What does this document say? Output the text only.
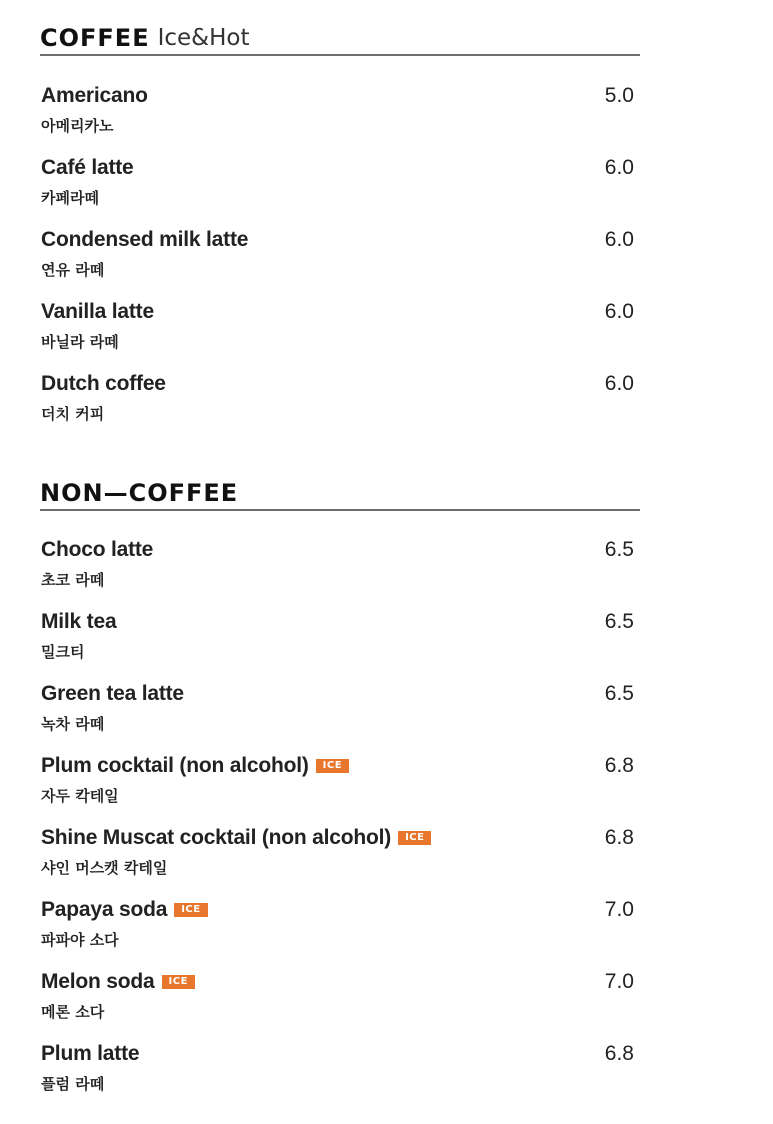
COFFEE Ice&Hot
Americano
아메리카노
5.0
Café latte
카페라떼
6.0
Condensed milk latte
연유 라떼
6.0
Vanilla latte
바닐라 라떼
6.0
Dutch coffee
더치 커피
6.0
NON—COFFEE
Choco latte
초코 라떼
6.5
Milk tea
밀크티
6.5
Green tea latte
녹차 라떼
6.5
Plum cocktail (non alcohol)	ICE
자두 칵테일
6.8
Shine Muscat cocktail (non alcohol)	ICE
샤인 머스캣 칵테일
6.8
Papaya soda	ICE
파파야 소다
7.0
Melon soda	ICE
메론 소다
7.0
Plum latte
플럼 라떼
6.8
